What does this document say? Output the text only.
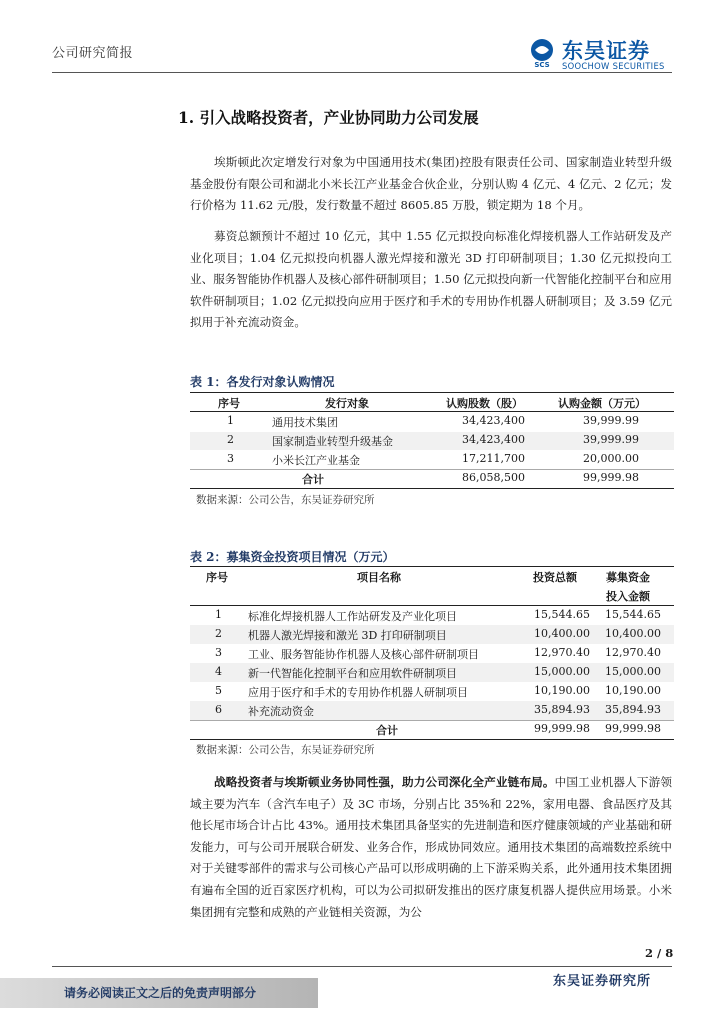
公司研究简报
SCS
东吴证券
SOOCHOW SECURITIES
1. 引入战略投资者，产业协同助力公司发展

埃斯顿此次定增发行对象为中国通用技术(集团)控股有限责任公司、国家制造业转型升级基金股份有限公司和湖北小米长江产业基金合伙企业，分别认购 4 亿元、4 亿元、2 亿元；发行价格为 11.62 元/股，发行数量不超过 8605.85 万股，锁定期为 18 个月。

募资总额预计不超过 10 亿元，其中 1.55 亿元拟投向标准化焊接机器人工作站研发及产业化项目；1.04 亿元拟投向机器人激光焊接和激光 3D 打印研制项目；1.30 亿元拟投向工业、服务智能协作机器人及核心部件研制项目；1.50 亿元拟投向新一代智能化控制平台和应用软件研制项目；1.02 亿元拟投向应用于医疗和手术的专用协作机器人研制项目；及 3.59 亿元拟用于补充流动资金。

表 1：各发行对象认购情况
序号	发行对象	认购股数（股）	认购金额（万元）
1	通用技术集团	34,423,400	39,999.99
2	国家制造业转型升级基金	34,423,400	39,999.99
3	小米长江产业基金	17,211,700	20,000.00
合计	86,058,500	99,999.98
数据来源：公司公告，东吴证券研究所
表 2：募集资金投资项目情况（万元）
序号	项目名称	投资总额	募集资金
投入金额
1 标准化焊接机器人工作站研发及产业化项目	15,544.65 15,544.65
2 机器人激光焊接和激光 3D 打印研制项目	10,400.00 10,400.00
3 工业、服务智能协作机器人及核心部件研制项目	12,970.40 12,970.40
4 新一代智能化控制平台和应用软件研制项目	15,000.00 15,000.00
5 应用于医疗和手术的专用协作机器人研制项目	10,190.00 10,190.00
6 补充流动资金	35,894.93 35,894.93
合计	99,999.98 99,999.98
数据来源：公司公告，东吴证券研究所

战略投资者与埃斯顿业务协同性强，助力公司深化全产业链布局。中国工业机器人下游领域主要为汽车（含汽车电子）及 3C 市场，分别占比 35%和 22%，家用电器、食品医疗及其他长尾市场合计占比 43%。通用技术集团具备坚实的先进制造和医疗健康领域的产业基础和研发能力，可与公司开展联合研发、业务合作，形成协同效应。通用技术集团的高端数控系统中对于关键零部件的需求与公司核心产品可以形成明确的上下游采购关系，此外通用技术集团拥有遍布全国的近百家医疗机构，可以为公司拟研发推出的医疗康复机器人提供应用场景。小米集团拥有完整和成熟的产业链相关资源，为公

2 / 8
请务必阅读正文之后的免责声明部分
东吴证券研究所
